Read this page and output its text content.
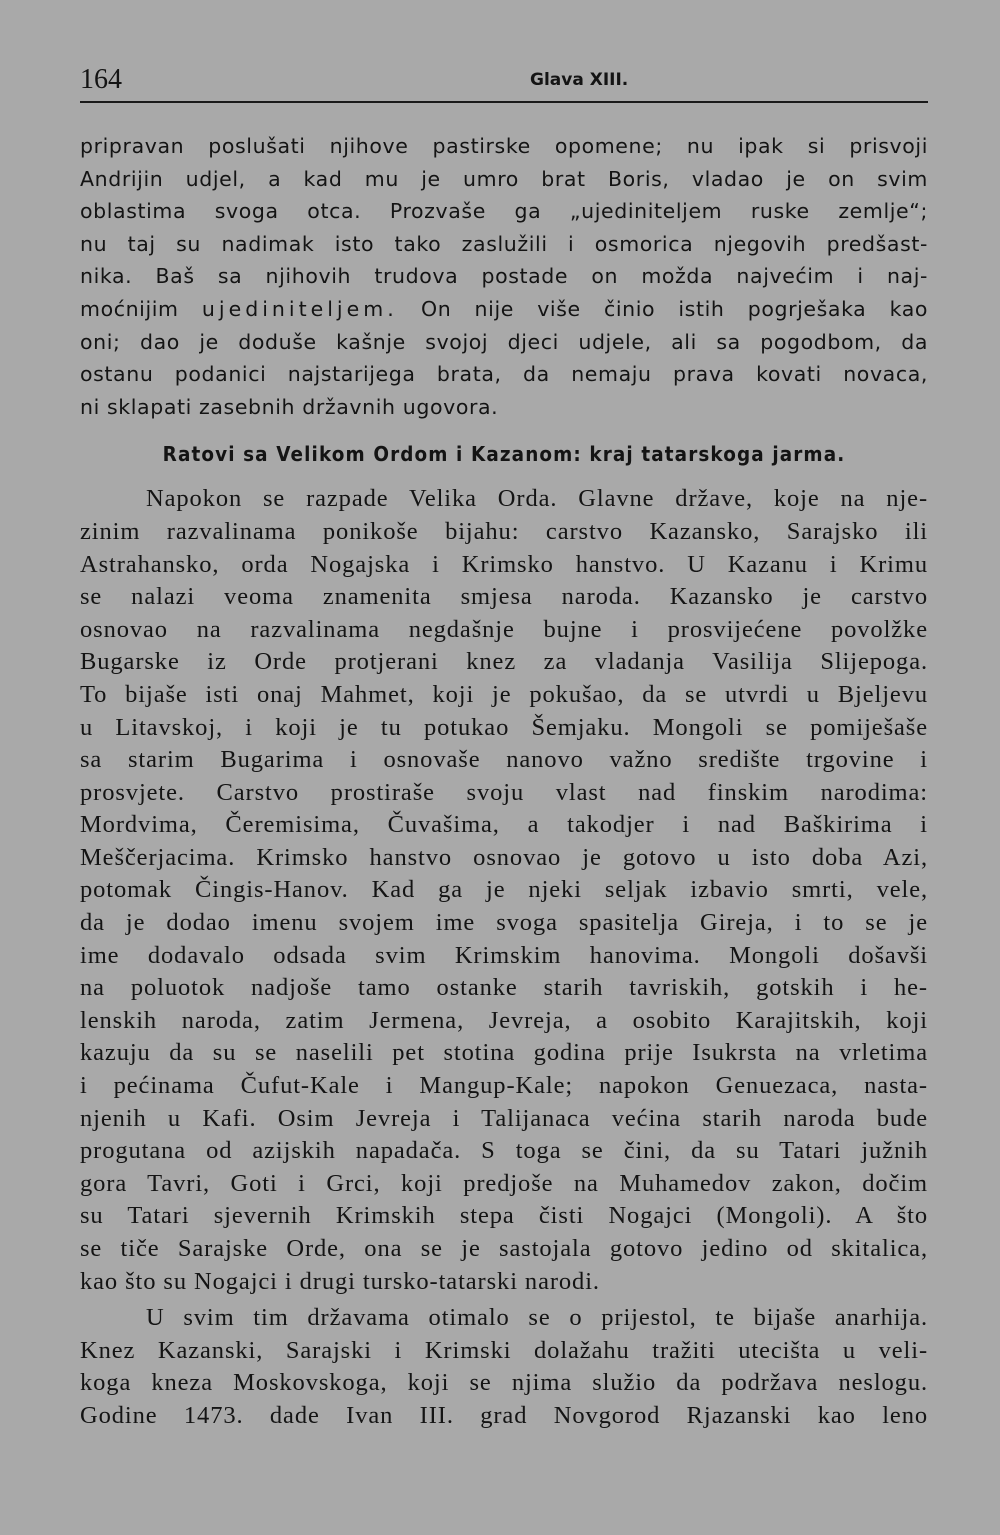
164	Glava XIII.
pripravan poslušati njihove pastirske opomene; nu ipak si prisvoji
Andrijin udjel, a kad mu je umro brat Boris, vladao je on svim
oblastima svoga otca. Prozvaše ga „ujediniteljem ruske zemlje“;
nu taj su nadimak isto tako zaslužili i osmorica njegovih predšast-
nika. Baš sa njihovih trudova postade on možda najvećim i naj-
moćnijim ujediniteljem. On nije više činio istih pogrješaka kao
oni; dao je doduše kašnje svojoj djeci udjele, ali sa pogodbom, da
ostanu podanici najstarijega brata, da nemaju prava kovati novaca,
ni sklapati zasebnih državnih ugovora.
Ratovi sa Velikom Ordom i Kazanom: kraj tatarskoga jarma.
Napokon se razpade Velika Orda. Glavne države, koje na nje-
zinim razvalinama ponikoše bijahu: carstvo Kazansko, Sarajsko ili
Astrahansko, orda Nogajska i Krimsko hanstvo. U Kazanu i Krimu
se nalazi veoma znamenita smjesa naroda. Kazansko je carstvo
osnovao na razvalinama negdašnje bujne i prosvijećene povolžke
Bugarske iz Orde protjerani knez za vladanja Vasilija Slijepoga.
To bijaše isti onaj Mahmet, koji je pokušao, da se utvrdi u Bjeljevu
u Litavskoj, i koji je tu potukao Šemjaku. Mongoli se pomiješaše
sa starim Bugarima i osnovaše nanovo važno središte trgovine i
prosvjete. Carstvo prostiraše svoju vlast nad finskim narodima:
Mordvima, Čeremisima, Čuvašima, a takodjer i nad Baškirima i
Meščerjacima. Krimsko hanstvo osnovao je gotovo u isto doba Azi,
potomak Čingis-Hanov. Kad ga je njeki seljak izbavio smrti, vele,
da je dodao imenu svojem ime svoga spasitelja Gireja, i to se je
ime dodavalo odsada svim Krimskim hanovima. Mongoli došavši
na poluotok nadjoše tamo ostanke starih tavriskih, gotskih i he-
lenskih naroda, zatim Jermena, Jevreja, a osobito Karajitskih, koji
kazuju da su se naselili pet stotina godina prije Isukrsta na vrletima
i pećinama Čufut-Kale i Mangup-Kale; napokon Genuezaca, nasta-
njenih u Kafi. Osim Jevreja i Talijanaca većina starih naroda bude
progutana od azijskih napadača. S toga se čini, da su Tatari južnih
gora Tavri, Goti i Grci, koji predjoše na Muhamedov zakon, dočim
su Tatari sjevernih Krimskih stepa čisti Nogajci (Mongoli). A što
se tiče Sarajske Orde, ona se je sastojala gotovo jedino od skitalica,
kao što su Nogajci i drugi tursko-tatarski narodi.
U svim tim državama otimalo se o prijestol, te bijaše anarhija.
Knez Kazanski, Sarajski i Krimski dolažahu tražiti utecišta u veli-
koga kneza Moskovskoga, koji se njima služio da podržava neslogu.
Godine 1473. dade Ivan III. grad Novgorod Rjazanski kao leno
